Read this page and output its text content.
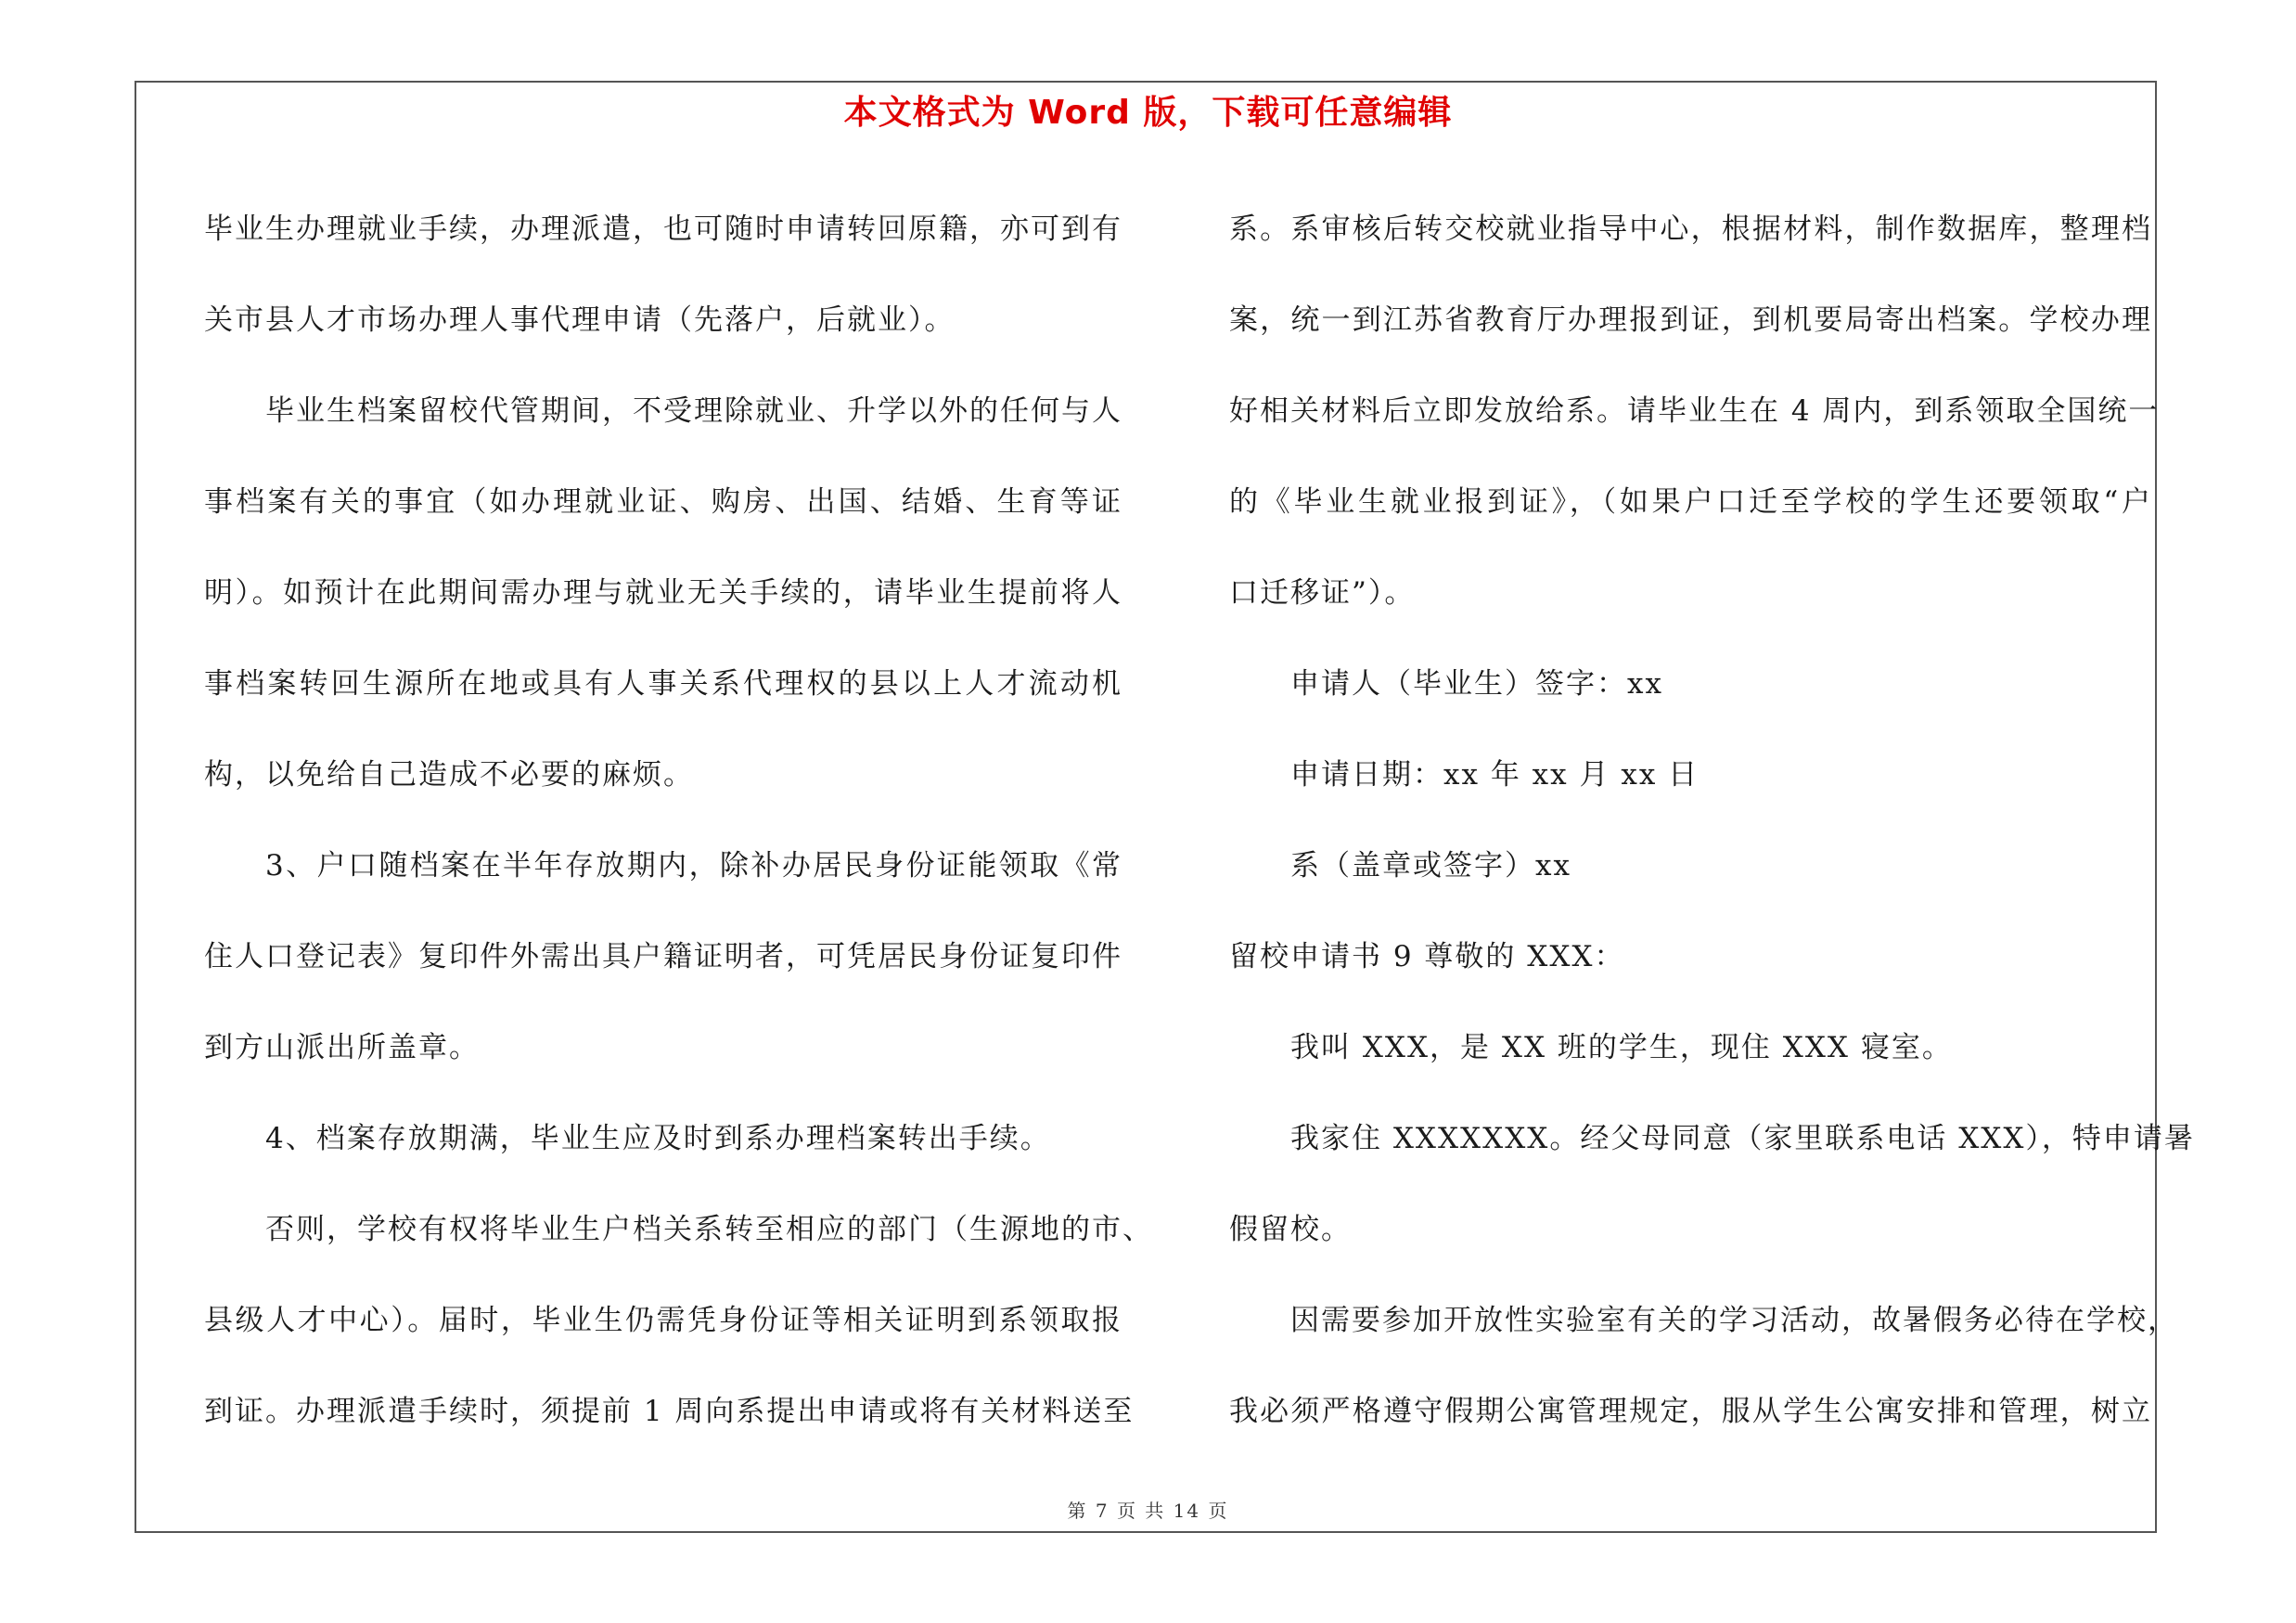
本文格式为 Word 版，下载可任意编辑
毕业生办理就业手续，办理派遣，也可随时申请转回原籍，亦可到有
关市县人才市场办理人事代理申请（先落户，后就业）。
毕业生档案留校代管期间，不受理除就业、升学以外的任何与人
事档案有关的事宜（如办理就业证、购房、出国、结婚、生育等证
明）。如预计在此期间需办理与就业无关手续的，请毕业生提前将人
事档案转回生源所在地或具有人事关系代理权的县以上人才流动机
构，以免给自己造成不必要的麻烦。
3、户口随档案在半年存放期内，除补办居民身份证能领取《常
住人口登记表》复印件外需出具户籍证明者，可凭居民身份证复印件
到方山派出所盖章。
4、档案存放期满，毕业生应及时到系办理档案转出手续。
否则，学校有权将毕业生户档关系转至相应的部门（生源地的市、
县级人才中心）。届时，毕业生仍需凭身份证等相关证明到系领取报
到证。办理派遣手续时，须提前 1 周向系提出申请或将有关材料送至
系。系审核后转交校就业指导中心，根据材料，制作数据库，整理档
案，统一到江苏省教育厅办理报到证，到机要局寄出档案。学校办理
好相关材料后立即发放给系。请毕业生在 4 周内，到系领取全国统一
的《毕业生就业报到证》，（如果户口迁至学校的学生还要领取“户
口迁移证”）。
申请人（毕业生）签字：xx
申请日期：xx 年 xx 月 xx 日
系（盖章或签字）xx
留校申请书 9 尊敬的 XXX：
我叫 XXX，是 XX 班的学生，现住 XXX 寝室。
我家住 XXXXXXX。经父母同意（家里联系电话 XXX），特申请暑
假留校。
因需要参加开放性实验室有关的学习活动，故暑假务必待在学校，
我必须严格遵守假期公寓管理规定，服从学生公寓安排和管理，树立
第 7 页 共 14 页
